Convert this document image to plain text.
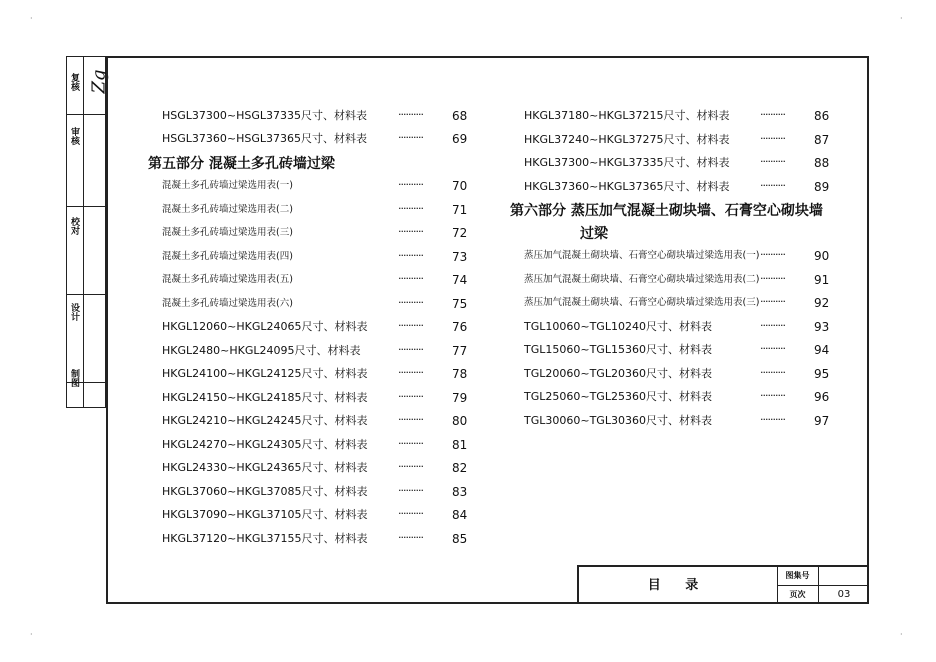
·	·
·	·
复核 Zg
审核
校对
设计
制图
HSGL37300~HSGL37335尺寸、材料表	·········· 68
HSGL37360~HSGL37365尺寸、材料表	·········· 69
第五部分 混凝土多孔砖墙过梁
混凝土多孔砖墙过梁选用表(一)	·········· 70
混凝土多孔砖墙过梁选用表(二)	·········· 71
混凝土多孔砖墙过梁选用表(三)	·········· 72
混凝土多孔砖墙过梁选用表(四)	·········· 73
混凝土多孔砖墙过梁选用表(五)	·········· 74
混凝土多孔砖墙过梁选用表(六)	·········· 75
HKGL12060~HKGL24065尺寸、材料表	·········· 76
HKGL2480~HKGL24095尺寸、材料表	·········· 77
HKGL24100~HKGL24125尺寸、材料表	·········· 78
HKGL24150~HKGL24185尺寸、材料表	·········· 79
HKGL24210~HKGL24245尺寸、材料表	·········· 80
HKGL24270~HKGL24305尺寸、材料表	·········· 81
HKGL24330~HKGL24365尺寸、材料表	·········· 82
HKGL37060~HKGL37085尺寸、材料表	·········· 83
HKGL37090~HKGL37105尺寸、材料表	·········· 84
HKGL37120~HKGL37155尺寸、材料表	·········· 85
HKGL37180~HKGL37215尺寸、材料表	·········· 86
HKGL37240~HKGL37275尺寸、材料表	·········· 87
HKGL37300~HKGL37335尺寸、材料表	·········· 88
HKGL37360~HKGL37365尺寸、材料表	·········· 89
第六部分 蒸压加气混凝土砌块墙、石膏空心砌块墙
过梁
蒸压加气混凝土砌块墙、石膏空心砌块墙过梁选用表(一) ·········· 90
蒸压加气混凝土砌块墙、石膏空心砌块墙过梁选用表(二) ·········· 91
蒸压加气混凝土砌块墙、石膏空心砌块墙过梁选用表(三) ·········· 92
TGL10060~TGL10240尺寸、材料表	·········· 93
TGL15060~TGL15360尺寸、材料表	·········· 94
TGL20060~TGL20360尺寸、材料表	·········· 95
TGL25060~TGL25360尺寸、材料表	·········· 96
TGL30060~TGL30360尺寸、材料表	·········· 97
目 录
图集号
页次	03
